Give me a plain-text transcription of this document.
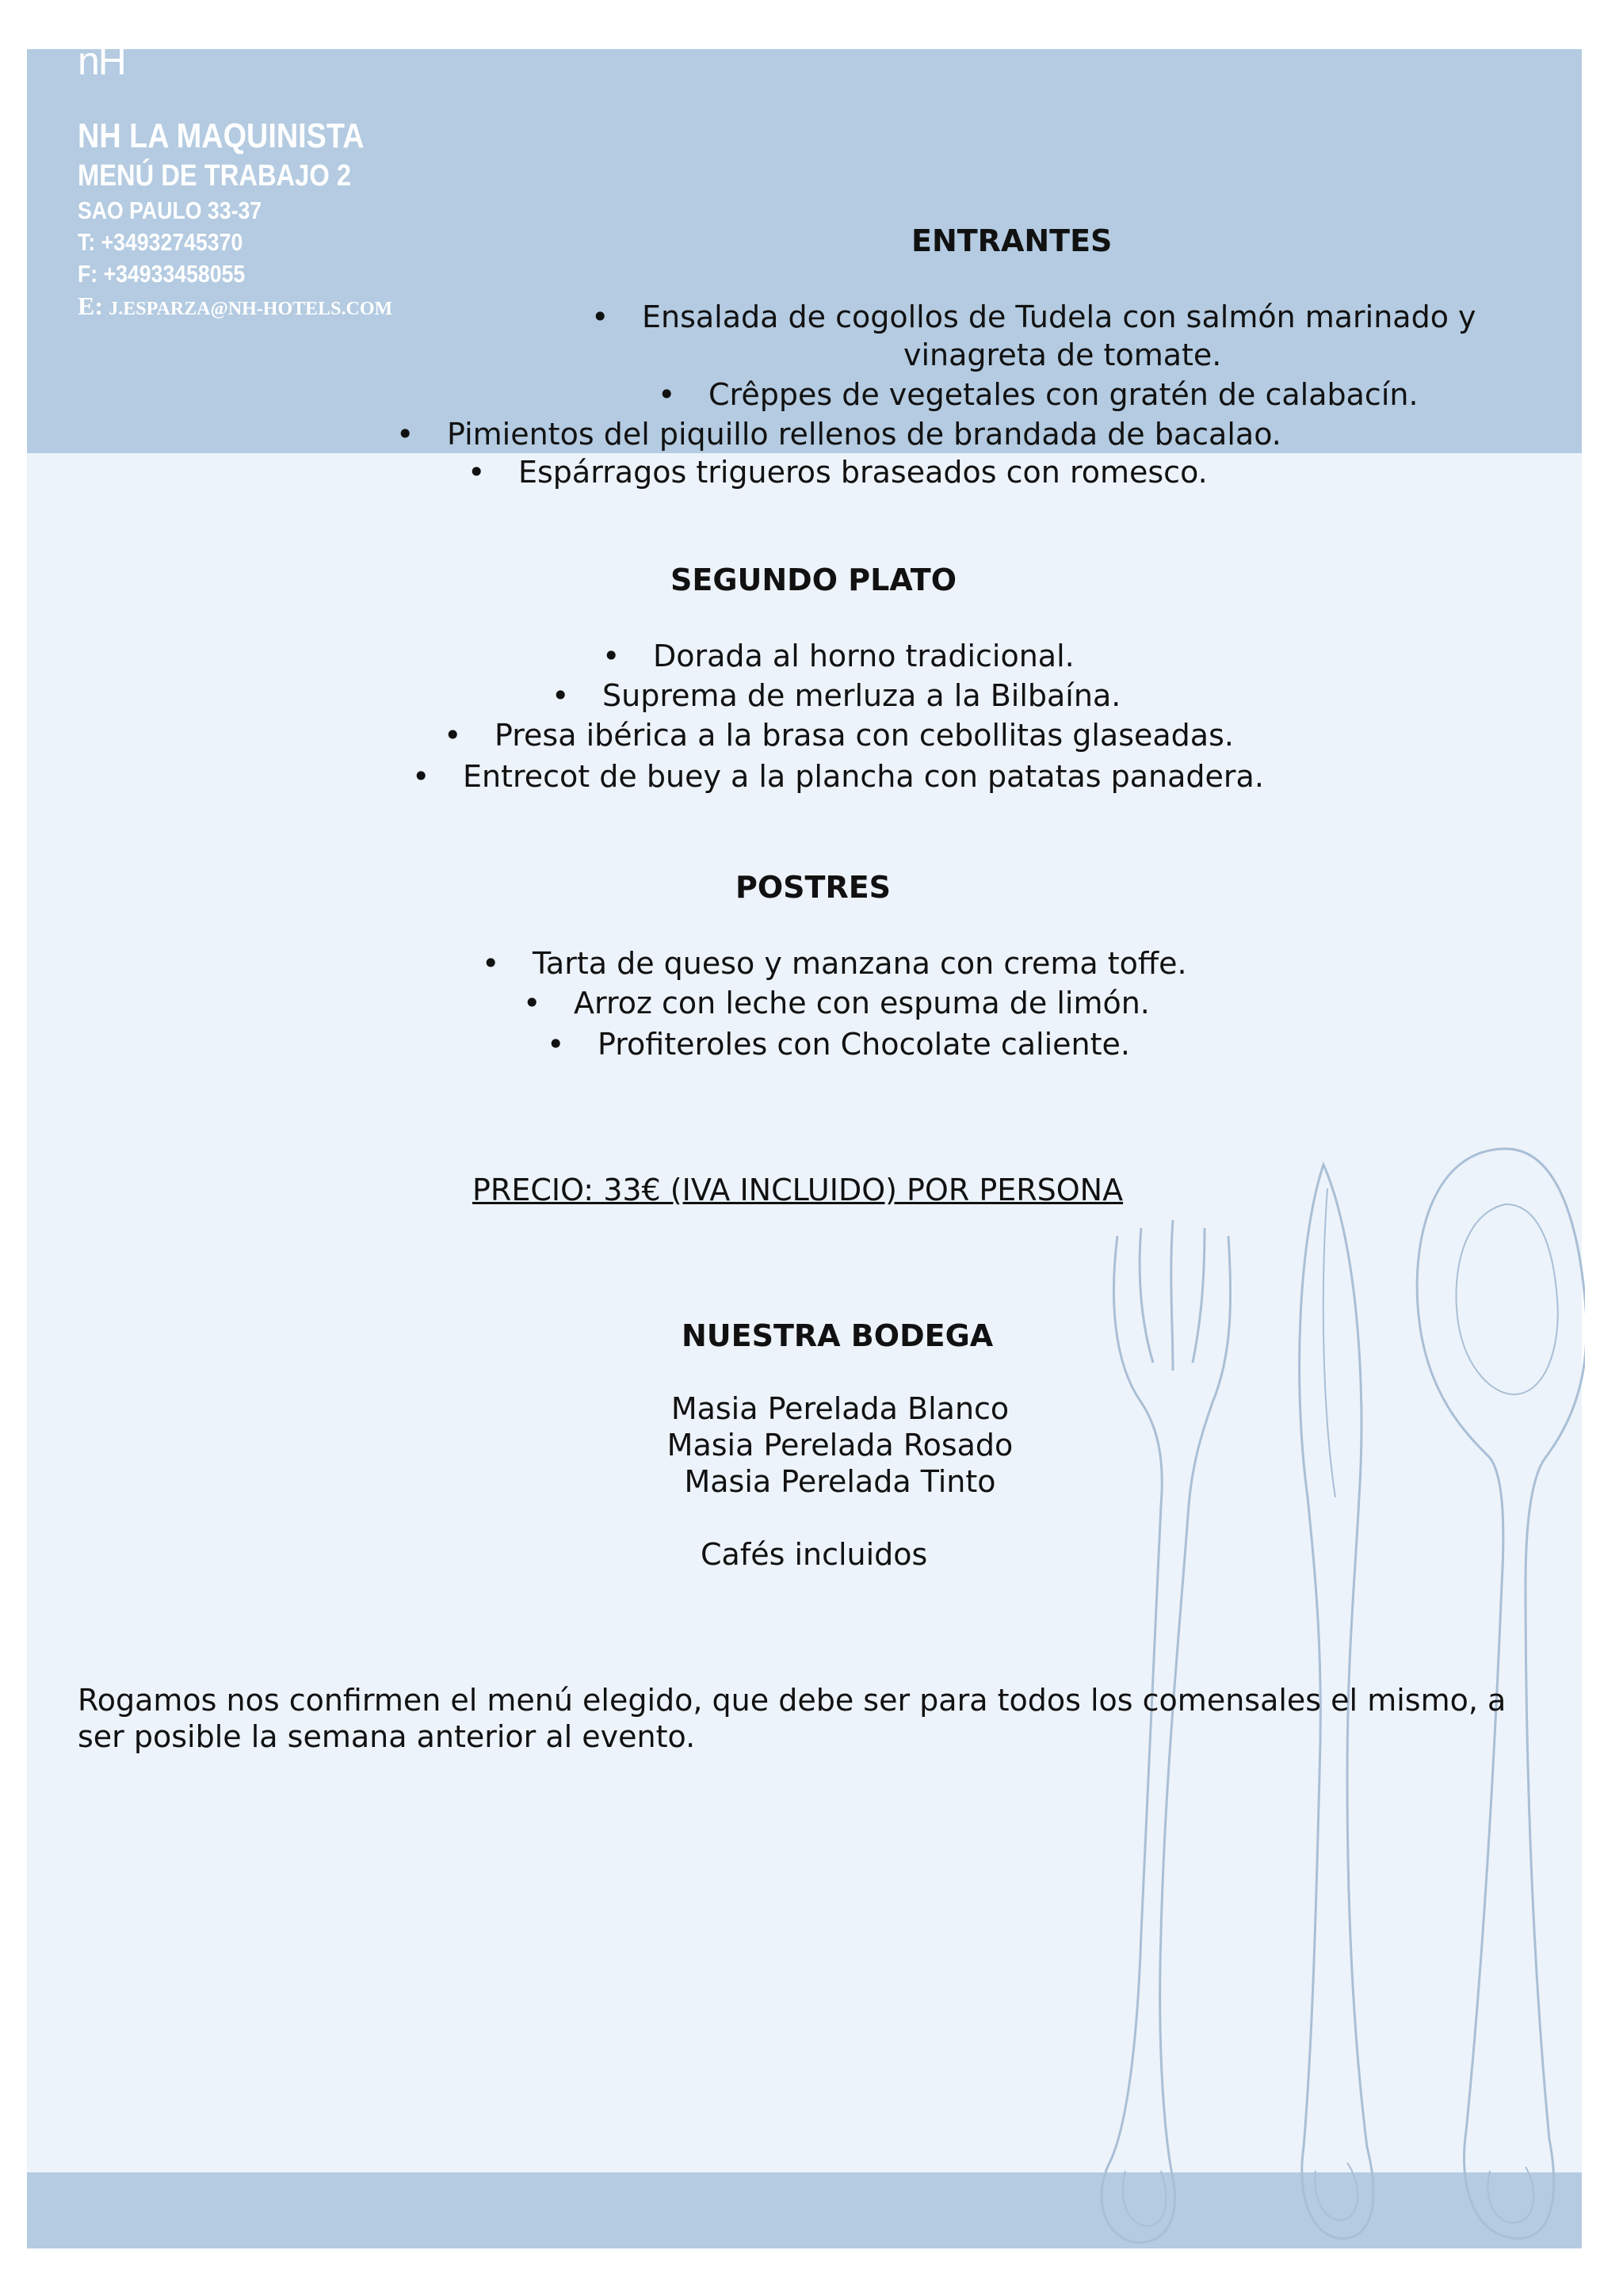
nH
NH LA MAQUINISTA
MENÚ DE TRABAJO 2
SAO PAULO 33-37
T: +34932745370
F: +34933458055
E: J.ESPARZA@NH-HOTELS.COM
ENTRANTES
• Ensalada de cogollos de Tudela con salmón marinado y
vinagreta de tomate.
• Crêppes de vegetales con gratén de calabacín.
• Pimientos del piquillo rellenos de brandada de bacalao.
• Espárragos trigueros braseados con romesco.
SEGUNDO PLATO
• Dorada al horno tradicional.
• Suprema de merluza a la Bilbaína.
• Presa ibérica a la brasa con cebollitas glaseadas.
• Entrecot de buey a la plancha con patatas panadera.
POSTRES
• Tarta de queso y manzana con crema toffe.
• Arroz con leche con espuma de limón.
• Profiteroles con Chocolate caliente.
PRECIO: 33€ (IVA INCLUIDO) POR PERSONA
NUESTRA BODEGA
Masia Perelada Blanco
Masia Perelada Rosado
Masia Perelada Tinto
Cafés incluidos
Rogamos nos confirmen el menú elegido, que debe ser para todos los comensales el mismo, a
ser posible la semana anterior al evento.
